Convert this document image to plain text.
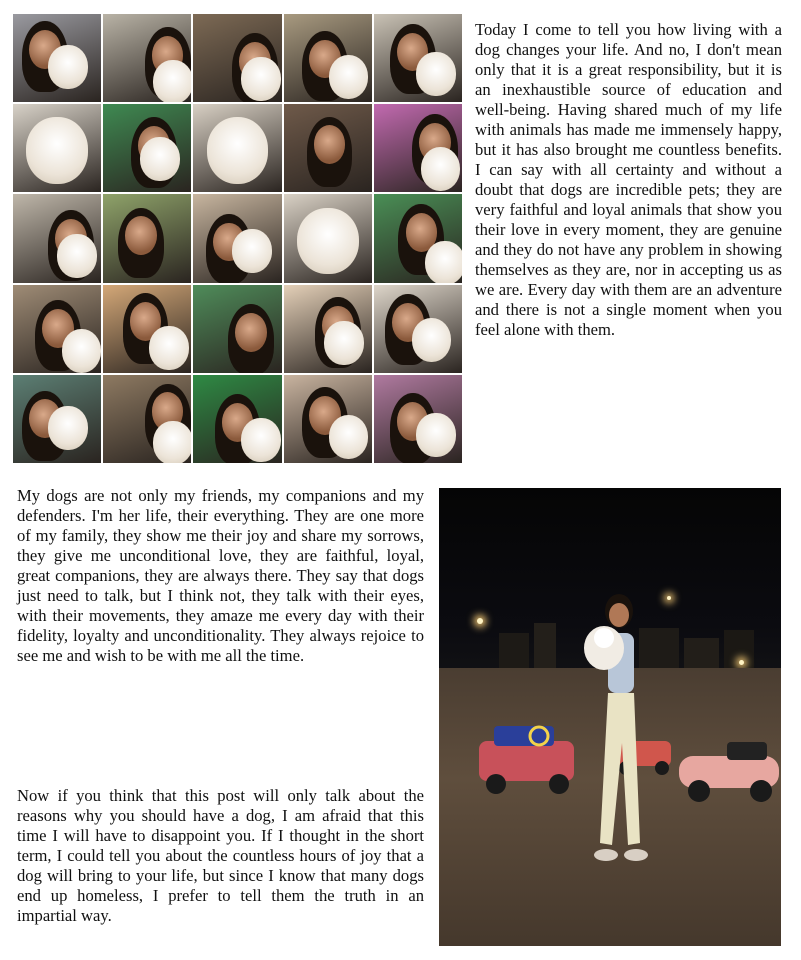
Today I come to tell you how living with a dog changes your life. And no, I don't mean only that it is a great responsibility, but it is an inexhaustible source of education and well-being. Having shared much of my life with animals has made me immensely happy, but it has also brought me countless benefits. I can say with all certainty and without a doubt that dogs are incredible pets; they are very faithful and loyal animals that show you their love in every moment, they are genuine and they do not have any problem in showing themselves as they are, nor in accepting us as we are. Every day with them are an adventure and there is not a single moment when you feel alone with them.

My dogs are not only my friends, my companions and my defenders. I'm her life, their everything. They are one more of my family, they show me their joy and share my sorrows, they give me unconditional love, they are faithful, loyal, great companions, they are always there. They say that dogs just need to talk, but I think not, they talk with their eyes, with their movements, they amaze me every day with their fidelity, loyalty and unconditionality. They always rejoice to see me and wish to be with me all the time.

Now if you think that this post will only talk about the reasons why you should have a dog, I am afraid that this time I will have to disappoint you. If I thought in the short term, I could tell you about the countless hours of joy that a dog will bring to your life, but since I know that many dogs end up homeless, I prefer to tell them the truth in an impartial way.
